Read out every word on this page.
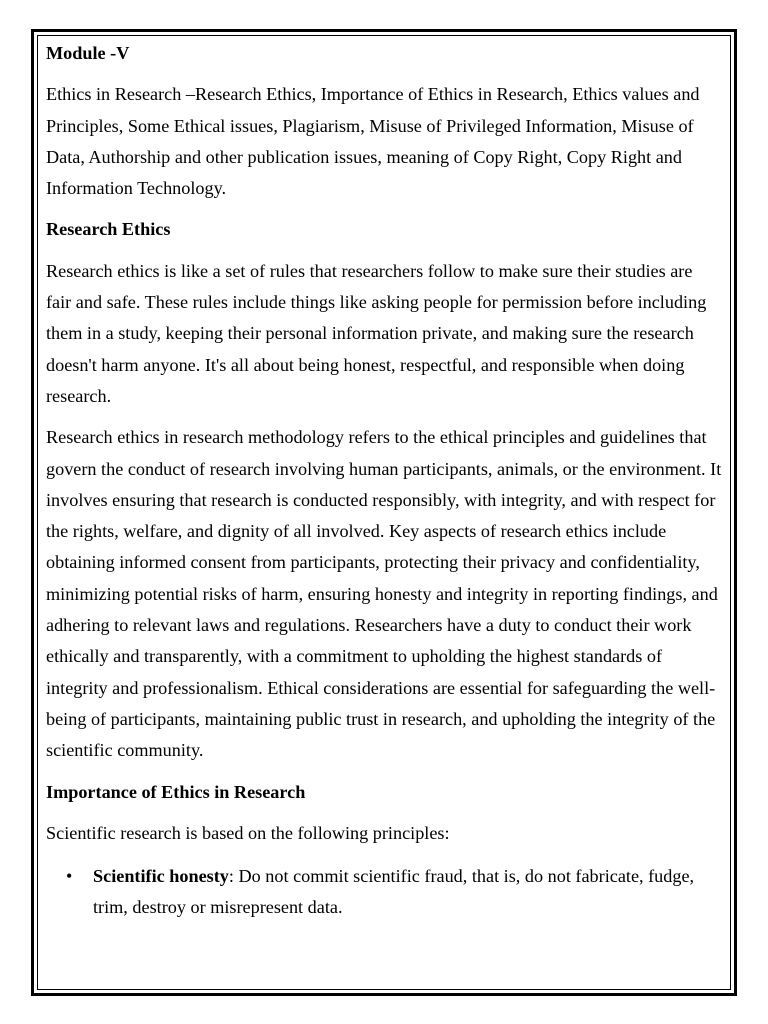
Module -V

Ethics in Research –Research Ethics, Importance of Ethics in Research, Ethics values and Principles, Some Ethical issues, Plagiarism, Misuse of Privileged Information, Misuse of Data, Authorship and other publication issues, meaning of Copy Right, Copy Right and Information Technology.

Research Ethics

Research ethics is like a set of rules that researchers follow to make sure their studies are fair and safe. These rules include things like asking people for permission before including them in a study, keeping their personal information private, and making sure the research doesn't harm anyone. It's all about being honest, respectful, and responsible when doing research.

Research ethics in research methodology refers to the ethical principles and guidelines that govern the conduct of research involving human participants, animals, or the environment. It involves ensuring that research is conducted responsibly, with integrity, and with respect for the rights, welfare, and dignity of all involved. Key aspects of research ethics include obtaining informed consent from participants, protecting their privacy and confidentiality, minimizing potential risks of harm, ensuring honesty and integrity in reporting findings, and adhering to relevant laws and regulations. Researchers have a duty to conduct their work ethically and transparently, with a commitment to upholding the highest standards of integrity and professionalism. Ethical considerations are essential for safeguarding the well-being of participants, maintaining public trust in research, and upholding the integrity of the scientific community.

Importance of Ethics in Research

Scientific research is based on the following principles:

• Scientific honesty: Do not commit scientific fraud, that is, do not fabricate, fudge, trim, destroy or misrepresent data.
